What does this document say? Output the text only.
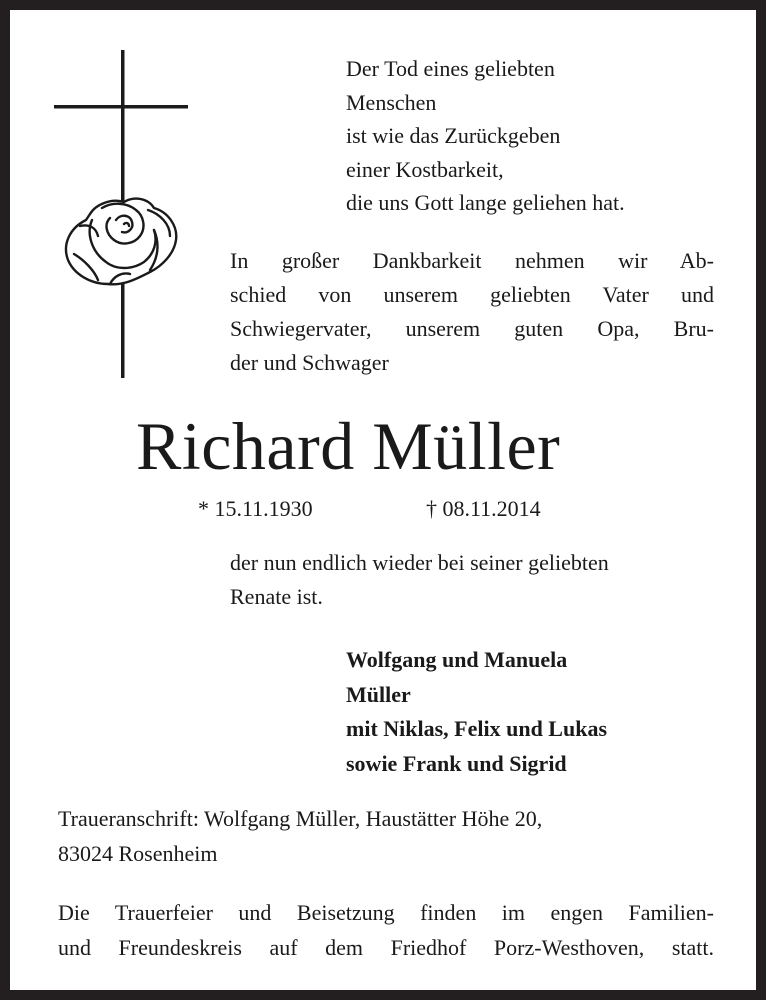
Der Tod eines geliebten
Menschen
ist wie das Zurückgeben
einer Kostbarkeit,
die uns Gott lange geliehen hat.
In großer Dankbarkeit nehmen wir Ab-
schied von unserem geliebten Vater und
Schwiegervater, unserem guten Opa, Bru-
der und Schwager
Richard Müller
* 15.11.1930	† 08.11.2014
der nun endlich wieder bei seiner geliebten
Renate ist.
Wolfgang und Manuela
Müller
mit Niklas, Felix und Lukas
sowie Frank und Sigrid
Traueranschrift: Wolfgang Müller, Haustätter Höhe 20,
83024 Rosenheim
Die Trauerfeier und Beisetzung finden im engen Familien-
und Freundeskreis auf dem Friedhof Porz-Westhoven, statt.
